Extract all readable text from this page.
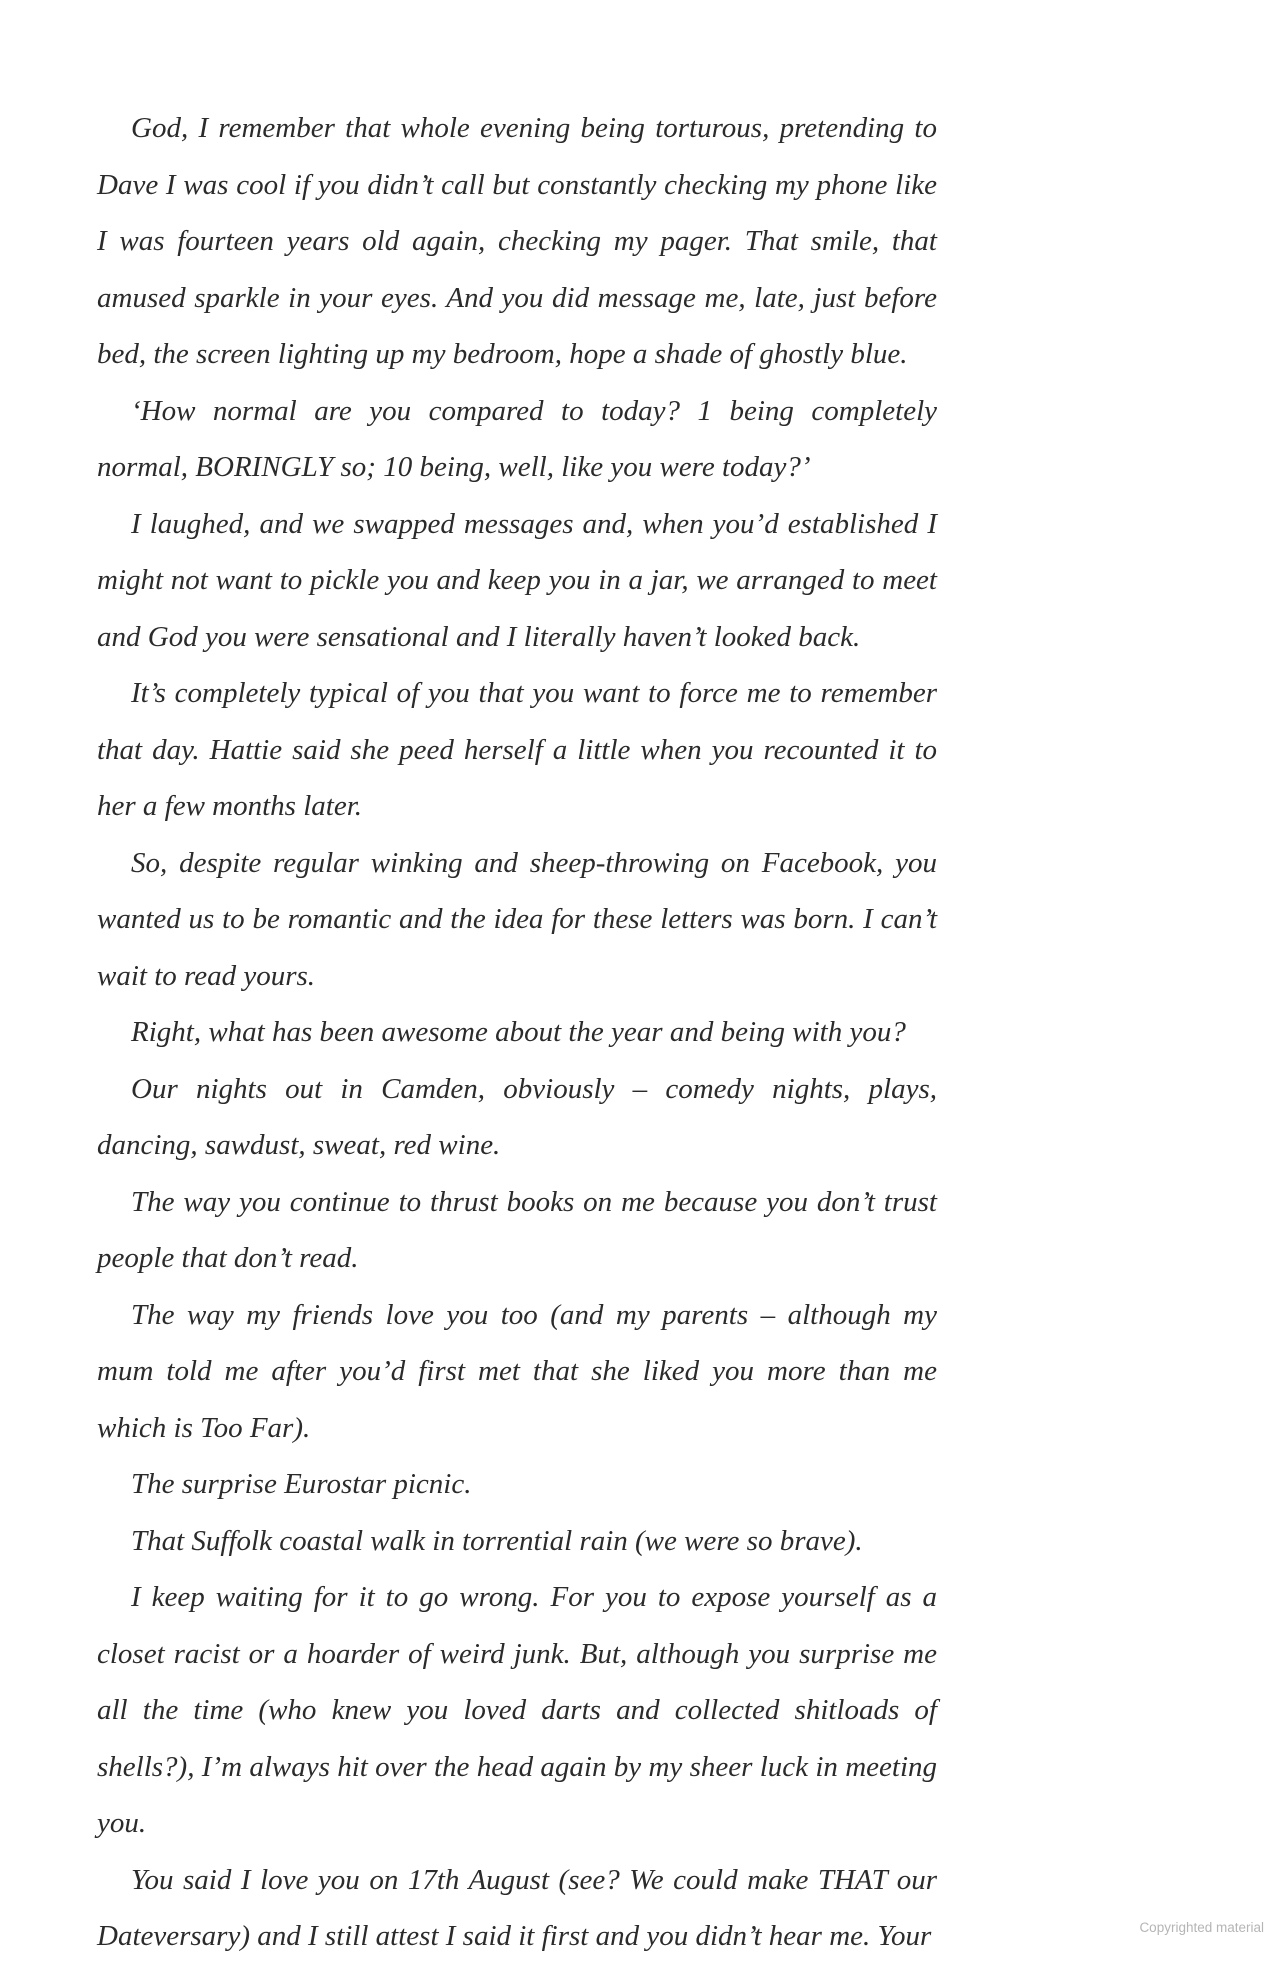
God, I remember that whole evening being torturous, pretending to Dave I was cool if you didn’t call but constantly checking my phone like I was fourteen years old again, checking my pager. That smile, that amused sparkle in your eyes. And you did message me, late, just before bed, the screen lighting up my bedroom, hope a shade of ghostly blue.

‘How normal are you compared to today? 1 being completely normal, BORINGLY so; 10 being, well, like you were today?’

I laughed, and we swapped messages and, when you’d established I might not want to pickle you and keep you in a jar, we arranged to meet and God you were sensational and I literally haven’t looked back.

It’s completely typical of you that you want to force me to remember that day. Hattie said she peed herself a little when you recounted it to her a few months later.

So, despite regular winking and sheep-throwing on Facebook, you wanted us to be romantic and the idea for these letters was born. I can’t wait to read yours.

Right, what has been awesome about the year and being with you?

Our nights out in Camden, obviously – comedy nights, plays, dancing, sawdust, sweat, red wine.

The way you continue to thrust books on me because you don’t trust people that don’t read.

The way my friends love you too (and my parents – although my mum told me after you’d first met that she liked you more than me which is Too Far).

The surprise Eurostar picnic.

That Suffolk coastal walk in torrential rain (we were so brave).

I keep waiting for it to go wrong. For you to expose yourself as a closet racist or a hoarder of weird junk. But, although you surprise me all the time (who knew you loved darts and collected shitloads of shells?), I’m always hit over the head again by my sheer luck in meeting you.

You said I love you on 17th August (see? We could make THAT our Dateversary) and I still attest I said it first and you didn’t hear me. Your	Copyrighted material
